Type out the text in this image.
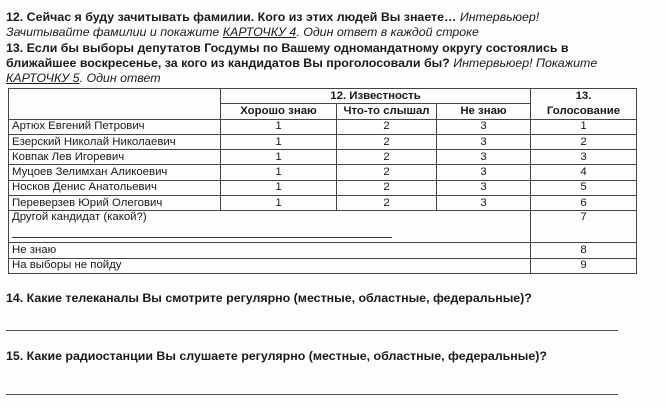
12. Сейчас я буду зачитывать фамилии. Кого из этих людей Вы знаете… Интервьюер!
Зачитывайте фамилии и покажите КАРТОЧКУ 4. Один ответ в каждой строке
13. Если бы выборы депутатов Госдумы по Вашему одномандатному округу состоялись в
ближайшее воскресенье, за кого из кандидатов Вы проголосовали бы? Интервьюер! Покажите
КАРТОЧКУ 5. Один ответ
	12. Известность			13.
	Хорошо знаю	Что-то слышал	Не знаю	Голосование
Артюх Евгений Петрович	1	2	3	1
Езерский Николай Николаевич	1	2	3	2
Ковпак Лев Игоревич	1	2	3	3
Муцоев Зелимхан Аликоевич	1	2	3	4
Носков Денис Анатольевич	1	2	3	5
Переверзев Юрий Олегович	1	2	3	6
Другой кандидат (какой?)				7
Не знаю				8
На выборы не пойду				9
14. Какие телеканалы Вы смотрите регулярно (местные, областные, федеральные)?
15. Какие радиостанции Вы слушаете регулярно (местные, областные, федеральные)?
